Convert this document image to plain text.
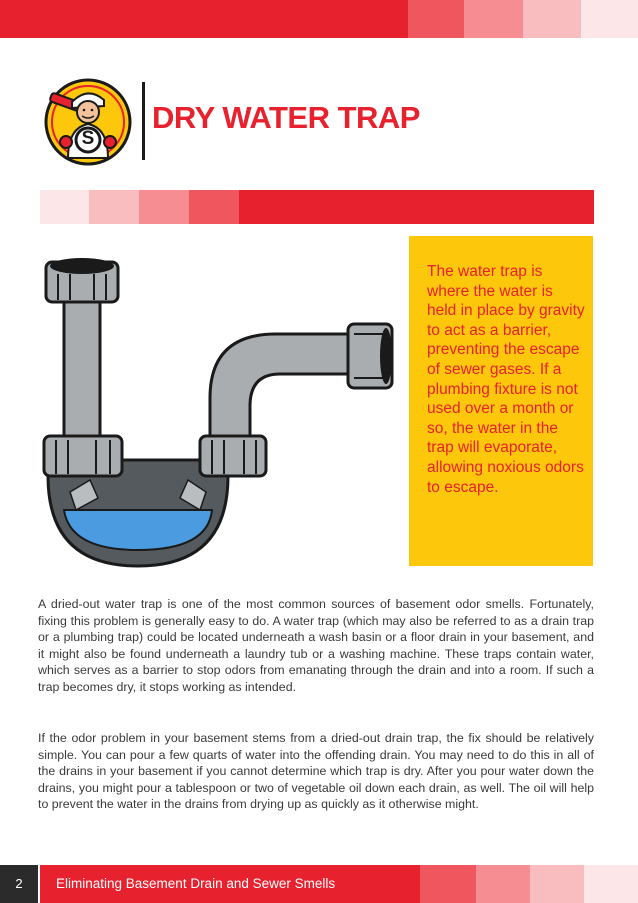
S
DRY WATER TRAP
The water trap is where the water is held in place by gravity to act as a barrier, preventing the escape of sewer gases. If a plumbing fixture is not used over a month or so, the water in the trap will evaporate, allowing noxious odors to escape.
A dried-out water trap is one of the most common sources of basement odor smells. Fortunately, fixing this problem is generally easy to do. A water trap (which may also be referred to as a drain trap or a plumbing trap) could be located underneath a wash basin or a floor drain in your basement, and it might also be found underneath a laundry tub or a washing machine. These traps contain water, which serves as a barrier to stop odors from emanating through the drain and into a room. If such a trap becomes dry, it stops working as intended.
If the odor problem in your basement stems from a dried-out drain trap, the fix should be relatively simple. You can pour a few quarts of water into the offending drain. You may need to do this in all of the drains in your basement if you cannot determine which trap is dry. After you pour water down the drains, you might pour a tablespoon or two of vegetable oil down each drain, as well. The oil will help to prevent the water in the drains from drying up as quickly as it otherwise might.
2	Eliminating Basement Drain and Sewer Smells
